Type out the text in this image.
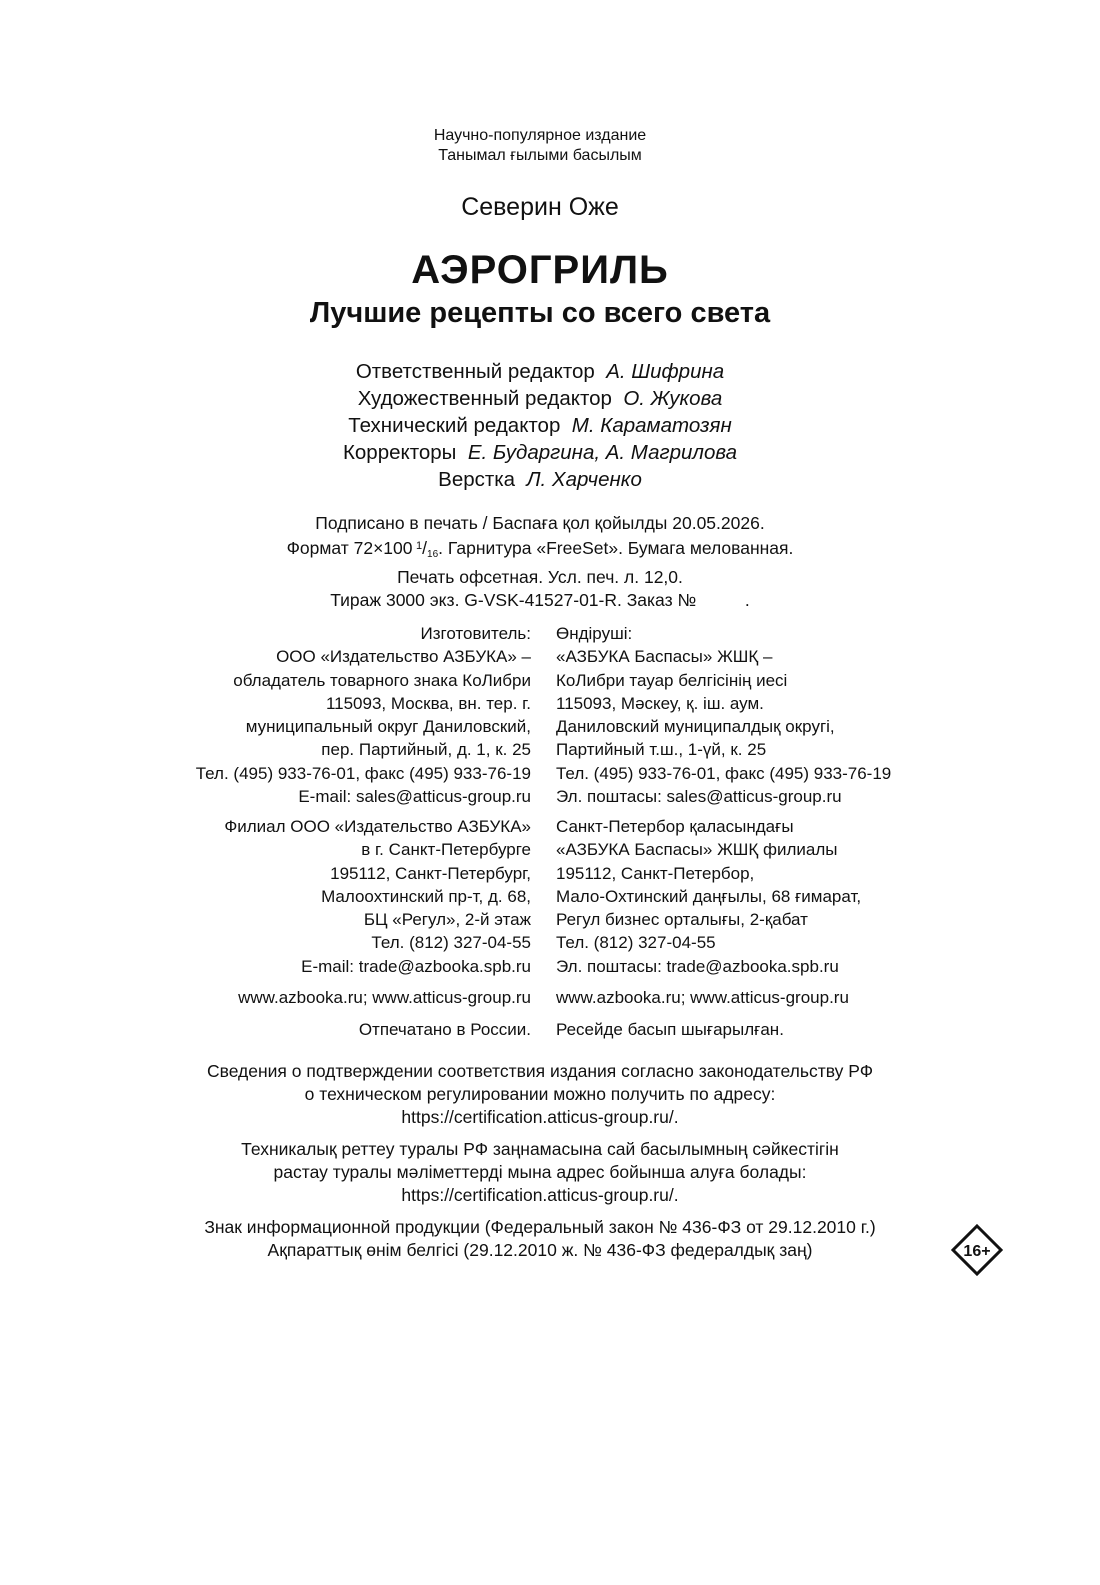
Научно-популярное издание
Танымал ғылыми басылым
Северин Оже
АЭРОГРИЛЬ
Лучшие рецепты со всего света
Ответственный редактор А. Шифрина
Художественный редактор О. Жукова
Технический редактор М. Караматозян
Корректоры Е. Бударгина, А. Магрилова
Верстка Л. Харченко
Подписано в печать / Баспаға қол қойылды 20.05.2026.
Формат 72×100  $^1/_{16}$. Гарнитура «FreeSet». Бумага мелованная.
Печать офсетная. Усл. печ. л. 12,0.
Тираж 3000 экз. G-VSK-41527-01-R. Заказ №          .
Изготовитель:
ООО «Издательство АЗБУКА» –
обладатель товарного знака КоЛибри
115093, Москва, вн. тер. г.
муниципальный округ Даниловский,
пер. Партийный, д. 1, к. 25
Тел. (495) 933-76-01, факс (495) 933-76-19
E-mail: sales@atticus-group.ru
Өндіруші:
«АЗБУКА Баспасы» ЖШҚ –
КоЛибри тауар белгісінің иесі
115093, Мәскеу, қ. іш. аум.
Даниловский муниципалдық округі,
Партийный т.ш., 1-үй, к. 25
Тел. (495) 933-76-01, факс (495) 933-76-19
Эл. поштасы: sales@atticus-group.ru
Филиал ООО «Издательство АЗБУКА»
в г. Санкт-Петербурге
195112, Санкт-Петербург,
Малоохтинский пр-т, д. 68,
БЦ «Регул», 2-й этаж
Тел. (812) 327-04-55
E-mail: trade@azbooka.spb.ru
Санкт-Петербор қаласындағы
«АЗБУКА Баспасы» ЖШҚ филиалы
195112, Санкт-Петербор,
Мало-Охтинский даңғылы, 68 ғимарат,
Регул бизнес орталығы, 2-қабат
Тел. (812) 327-04-55
Эл. поштасы: trade@azbooka.spb.ru
www.azbooka.ru; www.atticus-group.ru www.azbooka.ru; www.atticus-group.ru
Отпечатано в России. Ресейде басып шығарылған.
Сведения о подтверждении соответствия издания согласно законодательству РФ
о техническом регулировании можно получить по адресу:
https://certification.atticus-group.ru/.
Техникалық реттеу туралы РФ заңнамасына сай басылымның сәйкестігін
растау туралы мәліметтерді мына адрес бойынша алуға болады:
https://certification.atticus-group.ru/.
Знак информационной продукции (Федеральный закон № 436-ФЗ от 29.12.2010 г.)
Ақпараттық өнім белгісі (29.12.2010 ж. № 436-ФЗ федералдық заң)	16+
